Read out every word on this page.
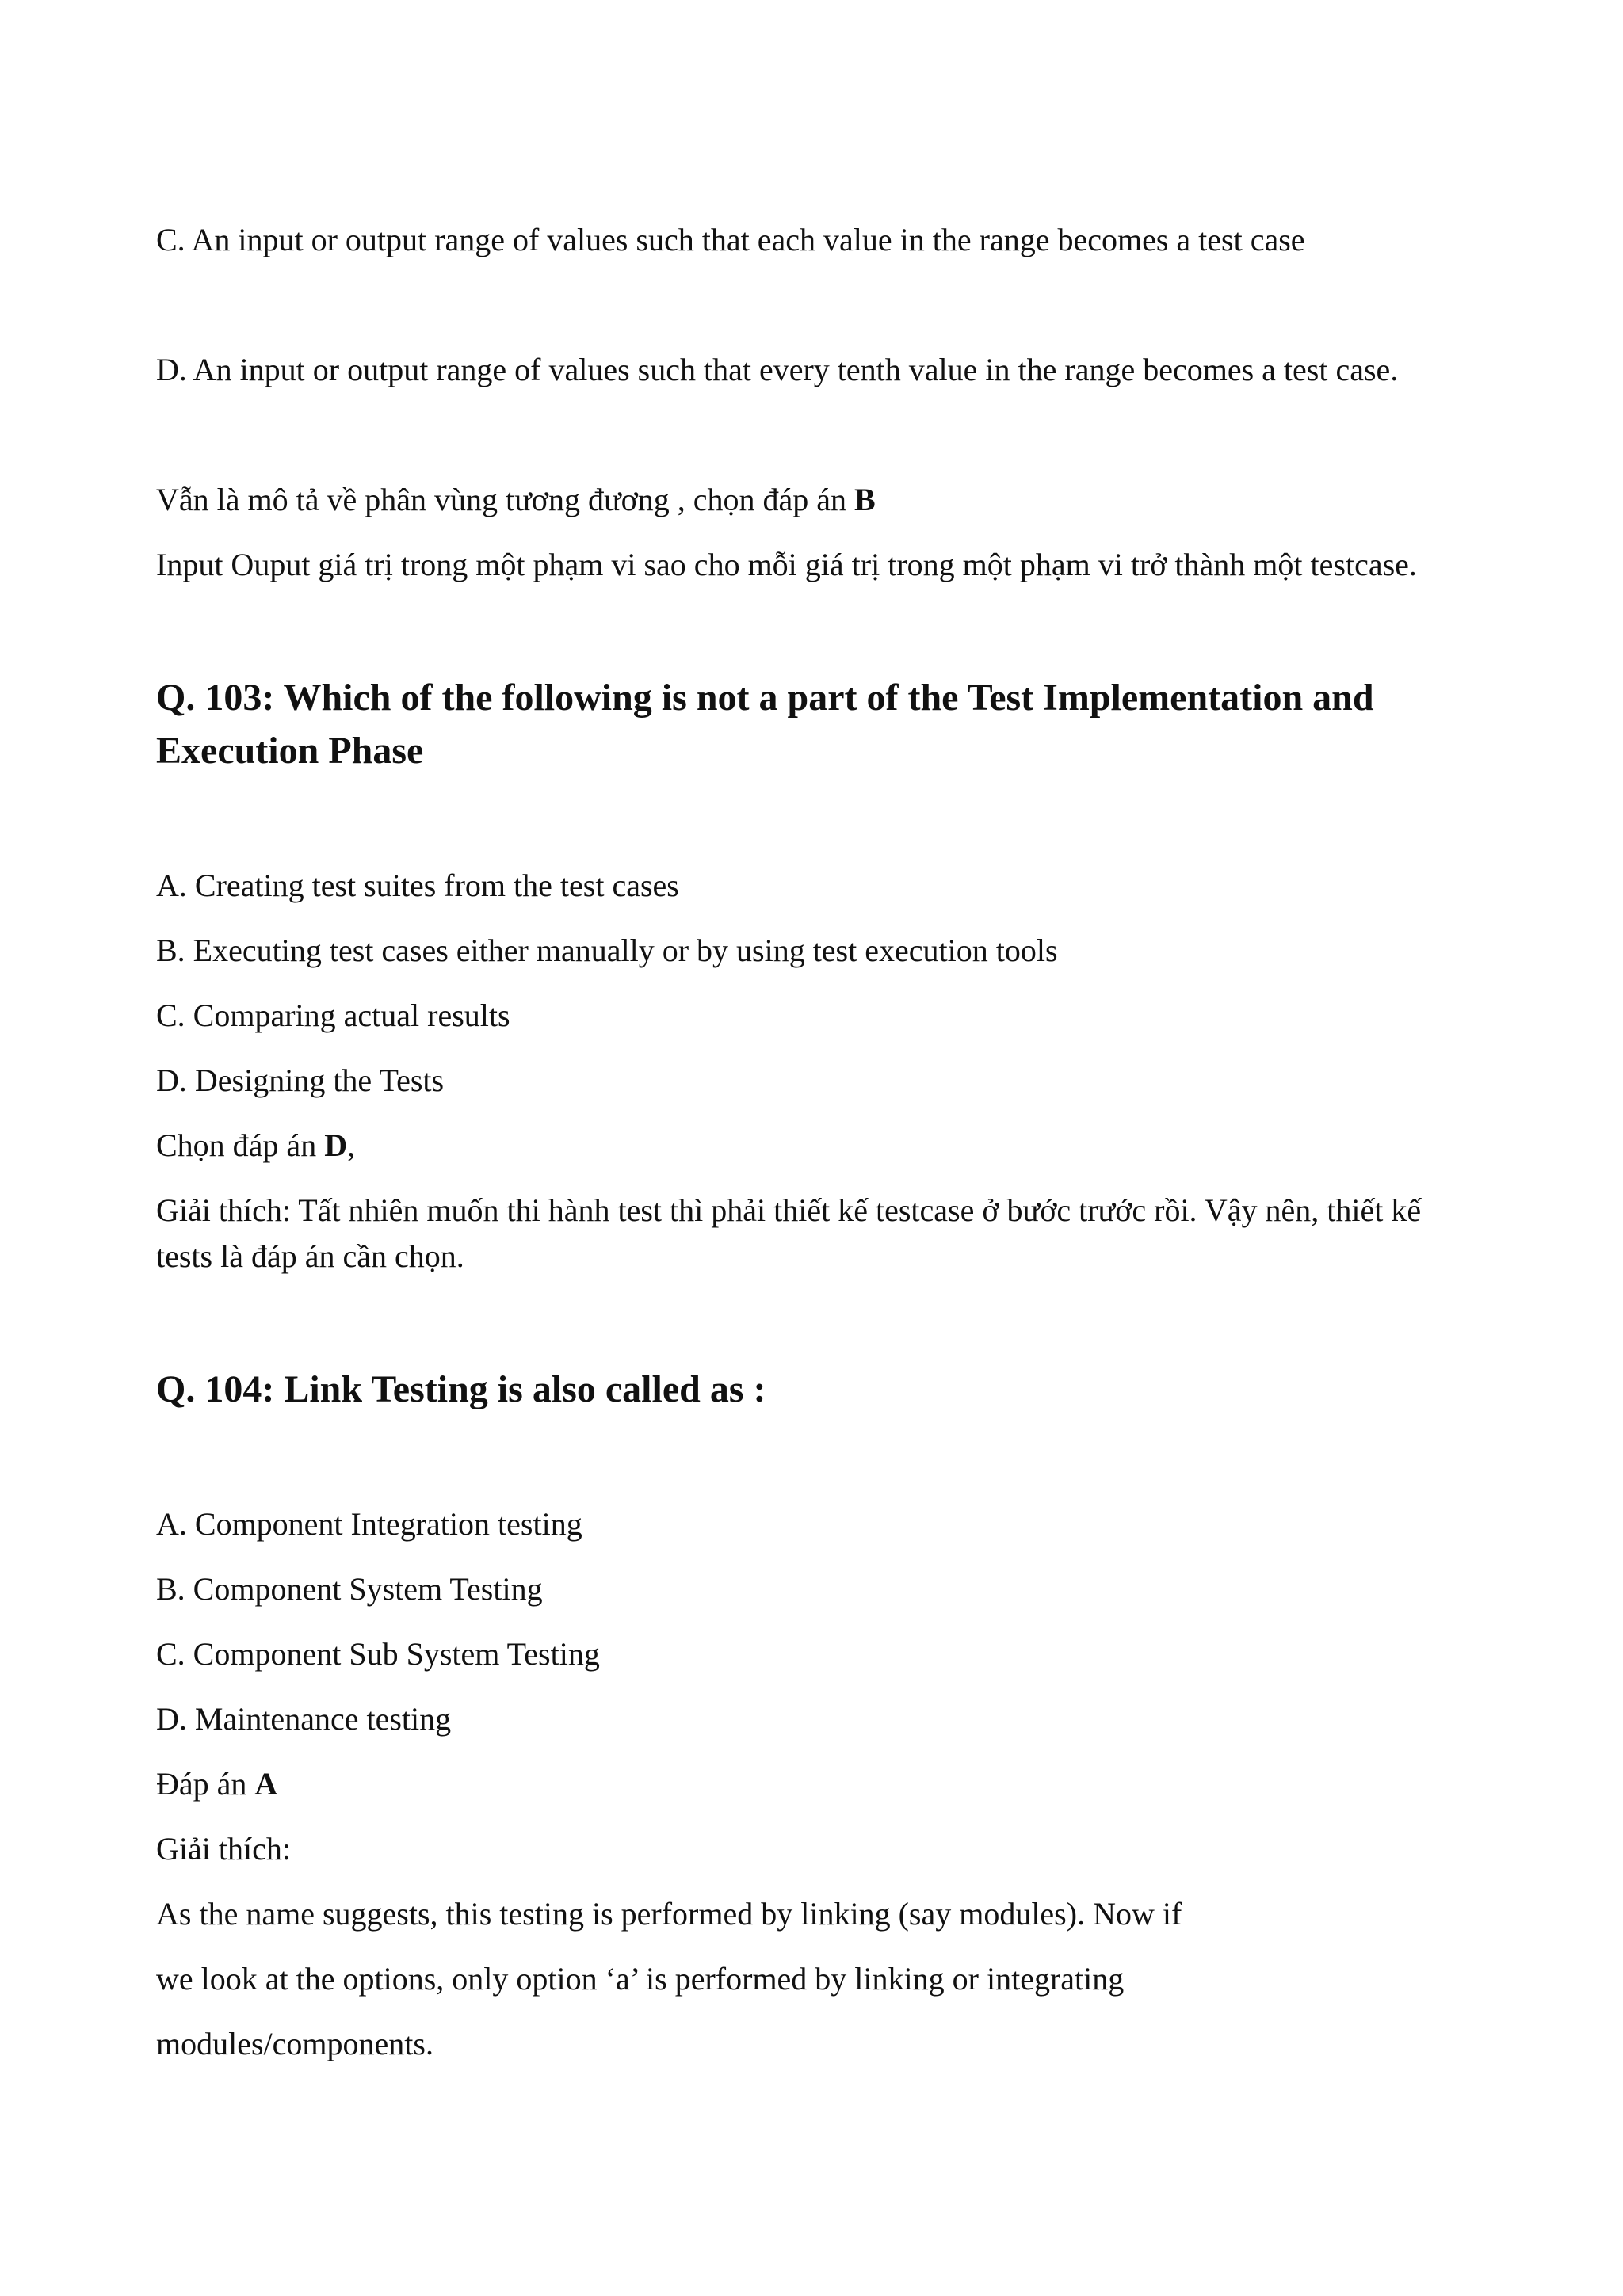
C. An input or output range of values such that each value in the range becomes a test case
D. An input or output range of values such that every tenth value in the range becomes a test case.
Vẫn là mô tả về phân vùng tương đương , chọn đáp án B
Input Ouput giá trị trong một phạm vi sao cho mỗi giá trị trong một phạm vi trở thành một testcase.
Q. 103: Which of the following is not a part of the Test Implementation and
Execution Phase
A. Creating test suites from the test cases
B. Executing test cases either manually or by using test execution tools
C. Comparing actual results
D. Designing the Tests
Chọn đáp án D,
Giải thích: Tất nhiên muốn thi hành test thì phải thiết kế testcase ở bước trước rồi. Vậy nên, thiết kế
tests là đáp án cần chọn.
Q. 104: Link Testing is also called as :
A. Component Integration testing
B. Component System Testing
C. Component Sub System Testing
D. Maintenance testing
Đáp án A
Giải thích:
As the name suggests, this testing is performed by linking (say modules). Now if
we look at the options, only option ‘a’ is performed by linking or integrating
modules/components.
